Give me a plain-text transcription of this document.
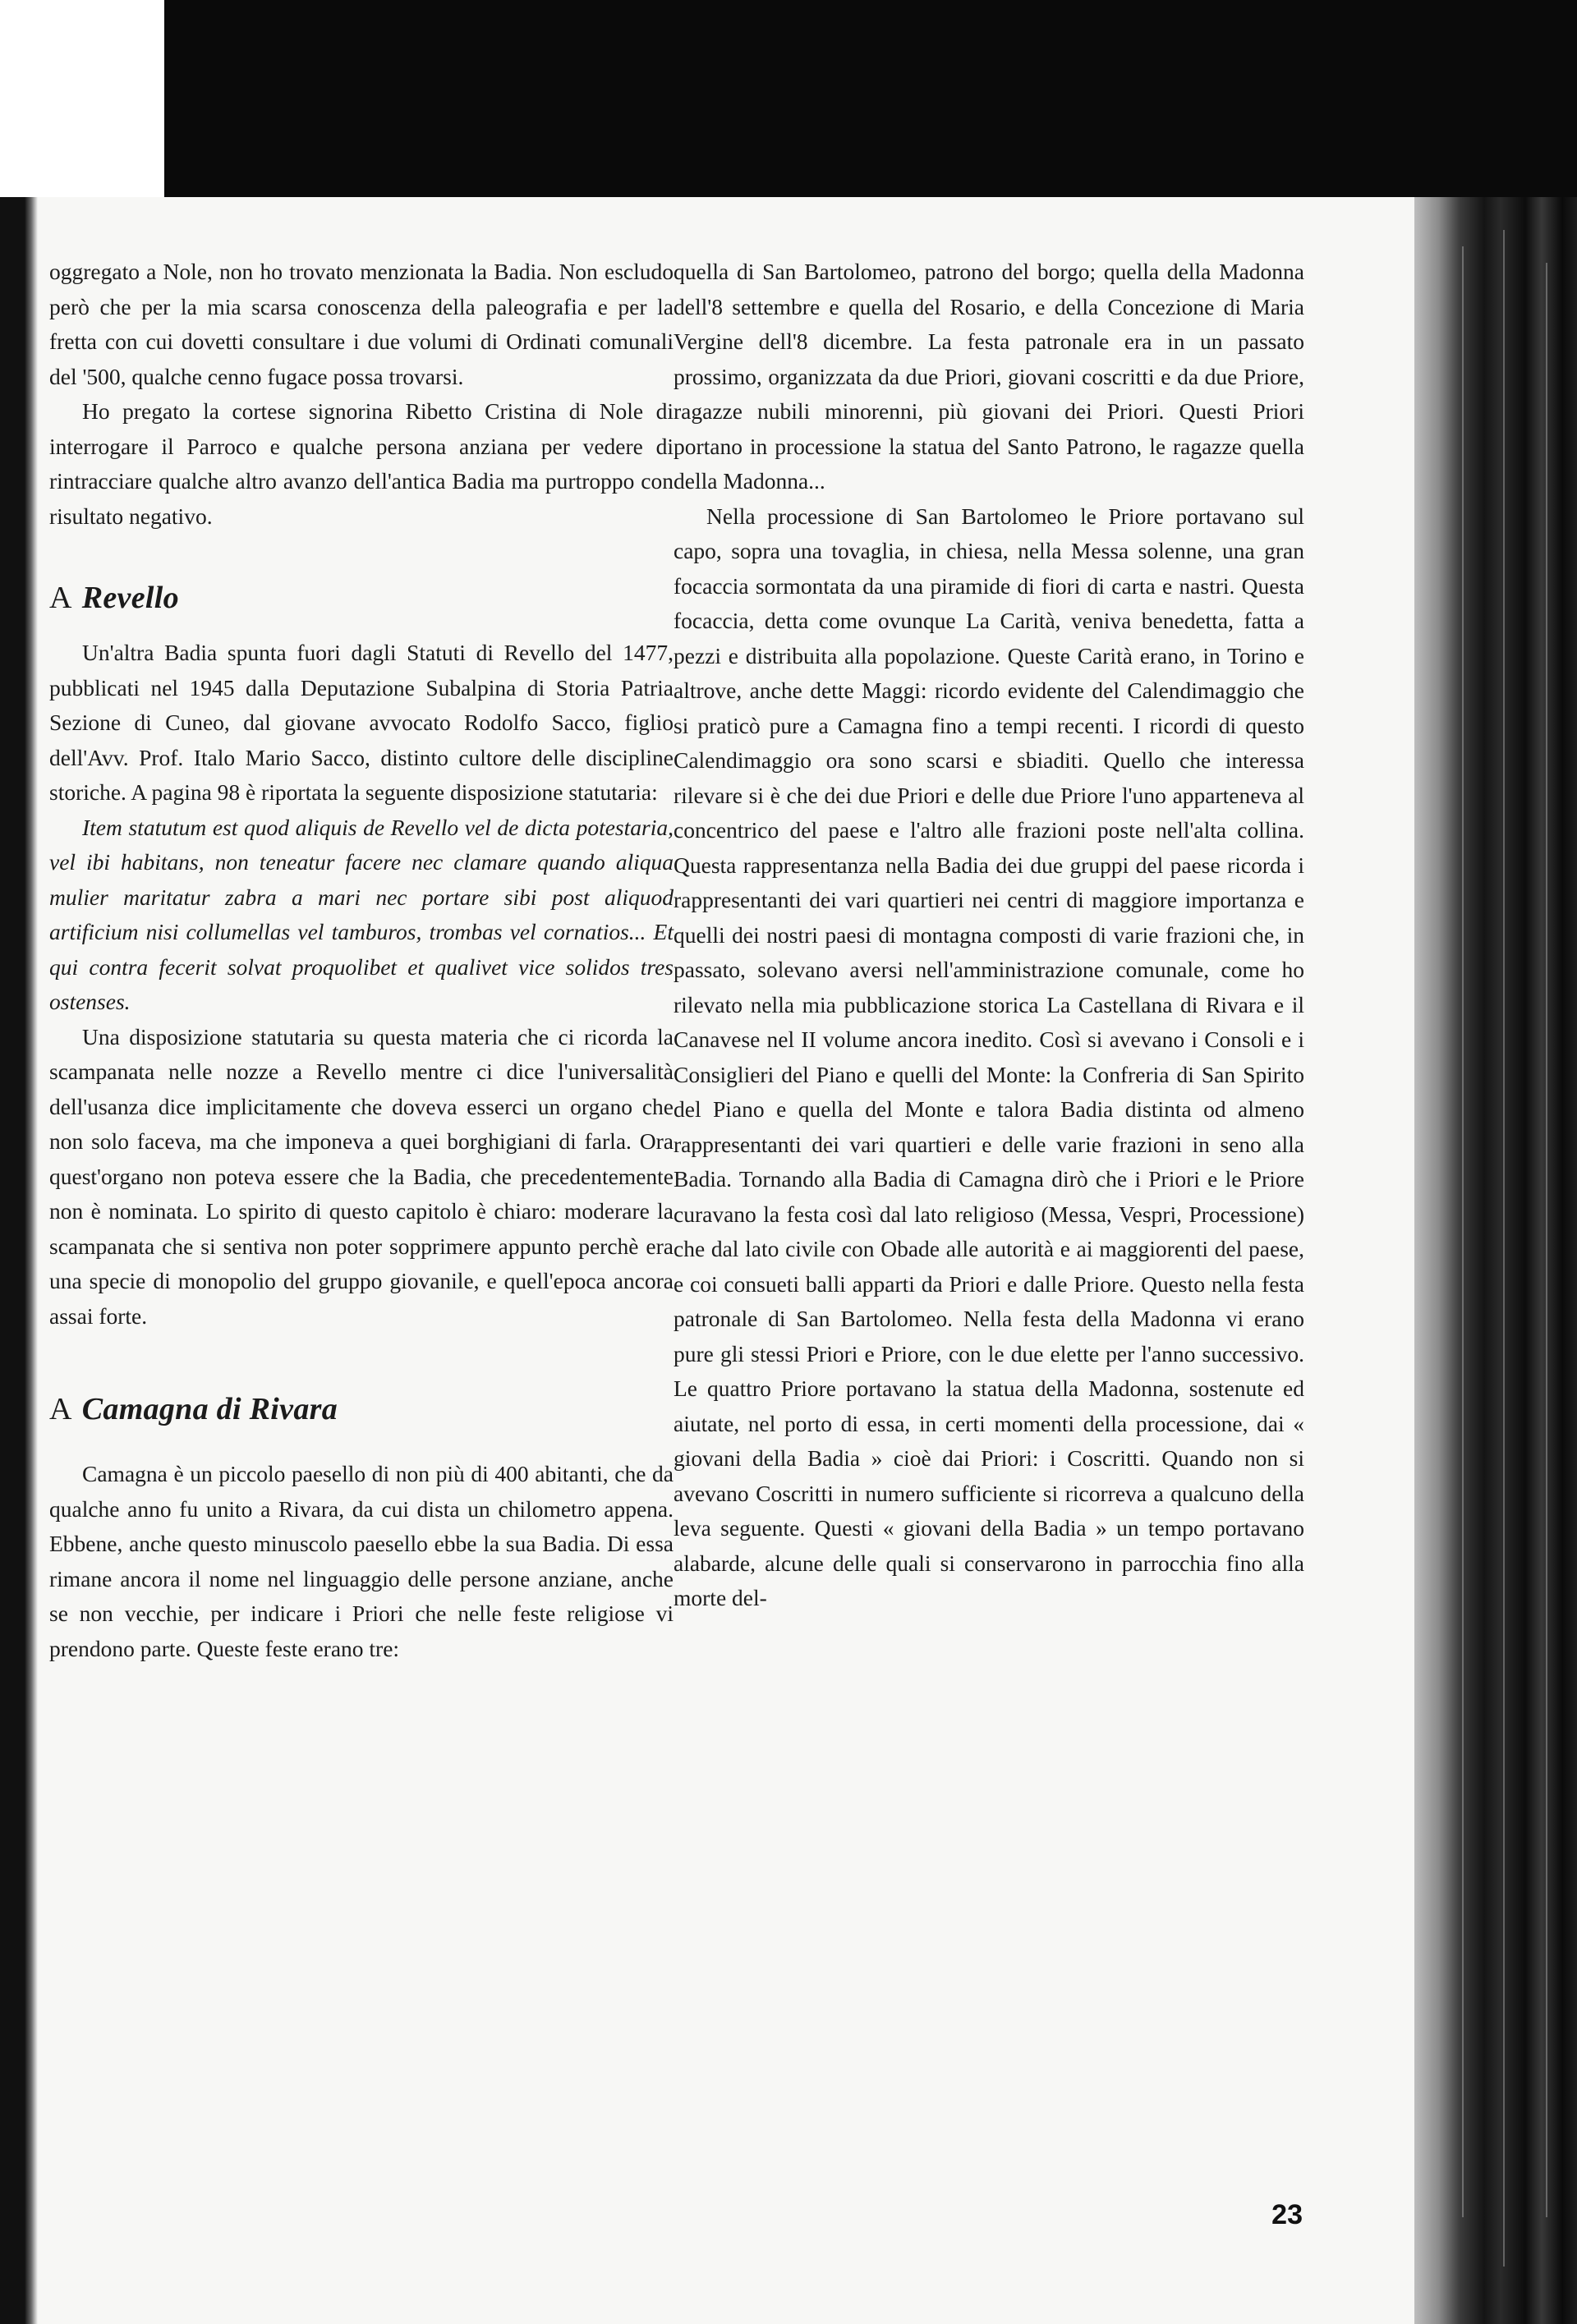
oggregato a Nole, non ho trovato menzionata la Badia. Non escludo però che per la mia scarsa conoscenza della paleografia e per la fretta con cui dovetti consultare i due volumi di Ordinati comunali del '500, qualche cenno fugace possa trovarsi.

Ho pregato la cortese signorina Ribetto Cristina di Nole di interrogare il Parroco e qualche persona anziana per vedere di rintracciare qualche altro avanzo dell'antica Badia ma purtroppo con risultato negativo.

A Revello

Un'altra Badia spunta fuori dagli Statuti di Revello del 1477, pubblicati nel 1945 dalla Deputazione Subalpina di Storia Patria Sezione di Cuneo, dal giovane avvocato Rodolfo Sacco, figlio dell'Avv. Prof. Italo Mario Sacco, distinto cultore delle discipline storiche. A pagina 98 è riportata la seguente disposizione statutaria:

Item statutum est quod aliquis de Revello vel de dicta potestaria, vel ibi habitans, non teneatur facere nec clamare quando aliqua mulier maritatur zabra a mari nec portare sibi post aliquod artificium nisi collumellas vel tamburos, trombas vel cornatios... Et qui contra fecerit solvat proquolibet et qualivet vice solidos tres ostenses.

Una disposizione statutaria su questa materia che ci ricorda la scampanata nelle nozze a Revello mentre ci dice l'universalità dell'usanza dice implicitamente che doveva esserci un organo che non solo faceva, ma che imponeva a quei borghigiani di farla. Ora quest'organo non poteva essere che la Badia, che precedentemente non è nominata. Lo spirito di questo capitolo è chiaro: moderare la scampanata che si sentiva non poter sopprimere appunto perchè era una specie di monopolio del gruppo giovanile, e quell'epoca ancora assai forte.

A Camagna di Rivara

Camagna è un piccolo paesello di non più di 400 abitanti, che da qualche anno fu unito a Rivara, da cui dista un chilometro appena. Ebbene, anche questo minuscolo paesello ebbe la sua Badia. Di essa rimane ancora il nome nel linguaggio delle persone anziane, anche se non vecchie, per indicare i Priori che nelle feste religiose vi prendono parte. Queste feste erano tre:

quella di San Bartolomeo, patrono del borgo; quella della Madonna dell'8 settembre e quella del Rosario, e della Concezione di Maria Vergine dell'8 dicembre. La festa patronale era in un passato prossimo, organizzata da due Priori, giovani coscritti e da due Priore, ragazze nubili minorenni, più giovani dei Priori. Questi Priori portano in processione la statua del Santo Patrono, le ragazze quella della Madonna...

Nella processione di San Bartolomeo le Priore portavano sul capo, sopra una tovaglia, in chiesa, nella Messa solenne, una gran focaccia sormontata da una piramide di fiori di carta e nastri. Questa focaccia, detta come ovunque La Carità, veniva benedetta, fatta a pezzi e distribuita alla popolazione. Queste Carità erano, in Torino e altrove, anche dette Maggi: ricordo evidente del Calendimaggio che si praticò pure a Camagna fino a tempi recenti. I ricordi di questo Calendimaggio ora sono scarsi e sbiaditi. Quello che interessa rilevare si è che dei due Priori e delle due Priore l'uno apparteneva al concentrico del paese e l'altro alle frazioni poste nell'alta collina. Questa rappresentanza nella Badia dei due gruppi del paese ricorda i rappresentanti dei vari quartieri nei centri di maggiore importanza e quelli dei nostri paesi di montagna composti di varie frazioni che, in passato, solevano aversi nell'amministrazione comunale, come ho rilevato nella mia pubblicazione storica La Castellana di Rivara e il Canavese nel II volume ancora inedito. Così si avevano i Consoli e i Consiglieri del Piano e quelli del Monte: la Confreria di San Spirito del Piano e quella del Monte e talora Badia distinta od almeno rappresentanti dei vari quartieri e delle varie frazioni in seno alla Badia. Tornando alla Badia di Camagna dirò che i Priori e le Priore curavano la festa così dal lato religioso (Messa, Vespri, Processione) che dal lato civile con Obade alle autorità e ai maggiorenti del paese, e coi consueti balli apparti da Priori e dalle Priore. Questo nella festa patronale di San Bartolomeo. Nella festa della Madonna vi erano pure gli stessi Priori e Priore, con le due elette per l'anno successivo. Le quattro Priore portavano la statua della Madonna, sostenute ed aiutate, nel porto di essa, in certi momenti della processione, dai « giovani della Badia » cioè dai Priori: i Coscritti. Quando non si avevano Coscritti in numero sufficiente si ricorreva a qualcuno della leva seguente. Questi « giovani della Badia » un tempo portavano alabarde, alcune delle quali si conservarono in parrocchia fino alla morte del-

23
